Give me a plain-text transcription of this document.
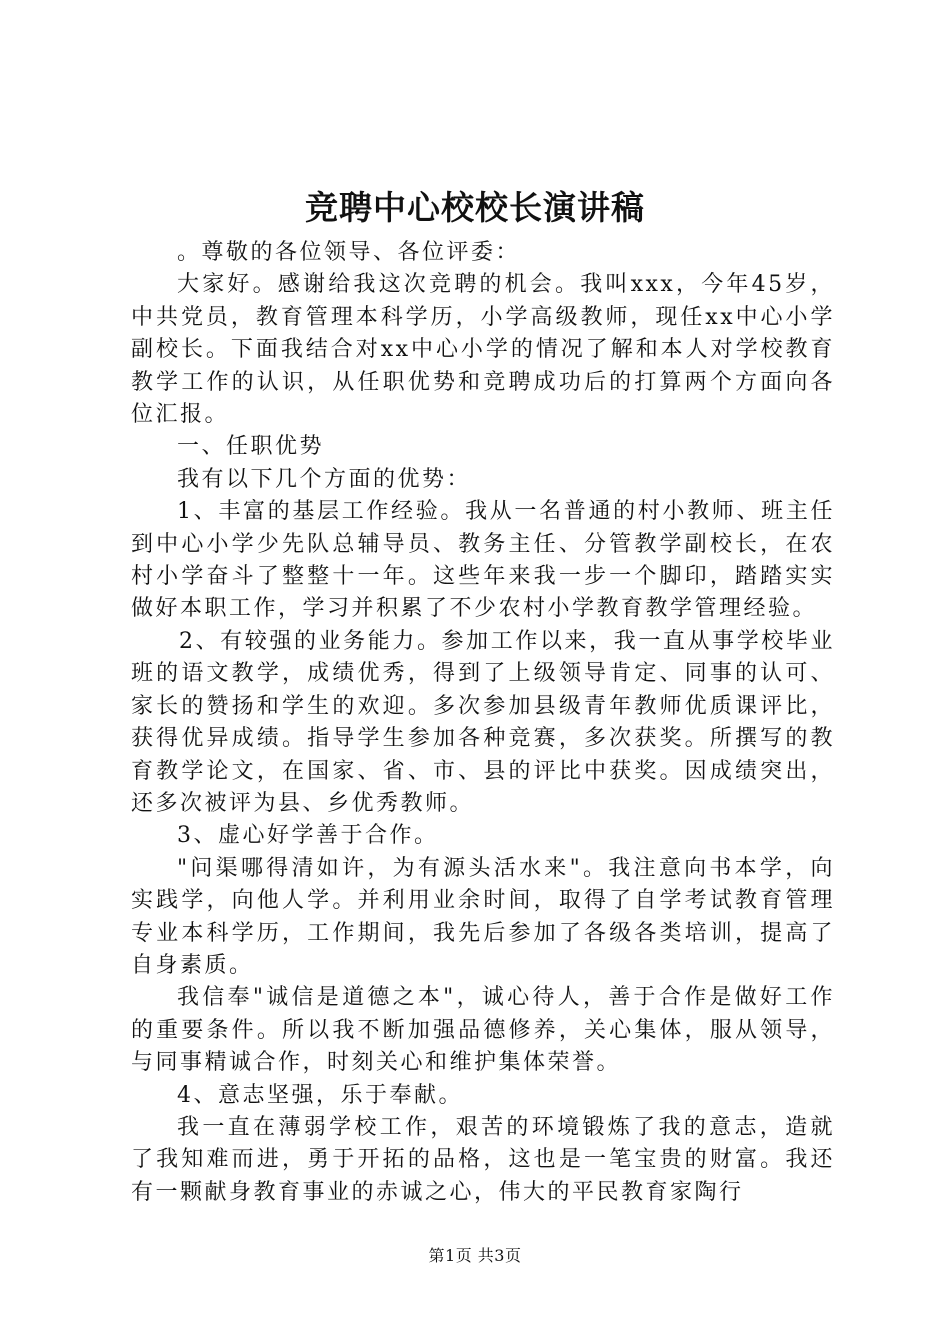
竞聘中心校校长演讲稿

。尊敬的各位领导、各位评委：

大家好。感谢给我这次竞聘的机会。我叫xxx，今年45岁，中共党员，教育管理本科学历，小学高级教师，现任xx中心小学副校长。下面我结合对xx中心小学的情况了解和本人对学校教育教学工作的认识，从任职优势和竞聘成功后的打算两个方面向各位汇报。

一、任职优势

我有以下几个方面的优势：

1、丰富的基层工作经验。我从一名普通的村小教师、班主任到中心小学少先队总辅导员、教务主任、分管教学副校长，在农村小学奋斗了整整十一年。这些年来我一步一个脚印，踏踏实实做好本职工作，学习并积累了不少农村小学教育教学管理经验。

2、有较强的业务能力。参加工作以来，我一直从事学校毕业班的语文教学，成绩优秀，得到了上级领导肯定、同事的认可、家长的赞扬和学生的欢迎。多次参加县级青年教师优质课评比，获得优异成绩。指导学生参加各种竞赛，多次获奖。所撰写的教育教学论文，在国家、省、市、县的评比中获奖。因成绩突出，还多次被评为县、乡优秀教师。

3、虚心好学善于合作。

"问渠哪得清如许，为有源头活水来"。我注意向书本学，向实践学，向他人学。并利用业余时间，取得了自学考试教育管理专业本科学历，工作期间，我先后参加了各级各类培训，提高了自身素质。

我信奉"诚信是道德之本"，诚心待人，善于合作是做好工作的重要条件。所以我不断加强品德修养，关心集体，服从领导，与同事精诚合作，时刻关心和维护集体荣誉。

4、意志坚强，乐于奉献。

我一直在薄弱学校工作，艰苦的环境锻炼了我的意志，造就了我知难而进，勇于开拓的品格，这也是一笔宝贵的财富。我还有一颗献身教育事业的赤诚之心，伟大的平民教育家陶行

第1页 共3页
